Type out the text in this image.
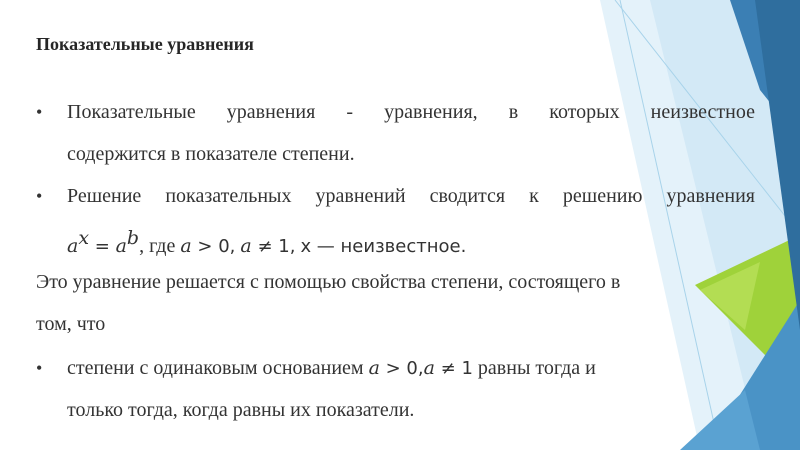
Показательные уравнения
• Показательные уравнения - уравнения, в которых неизвестное
содержится в показателе степени.
• Решение показательных уравнений сводится к решению уравнения
$a^x = a^b$, где a > 0, a ≠ 1, x — неизвестное.
Это уравнение решается с помощью свойства степени, состоящего в
том, что
• степени с одинаковым основанием a > 0,a ≠ 1 равны тогда и
только тогда, когда равны их показатели.
